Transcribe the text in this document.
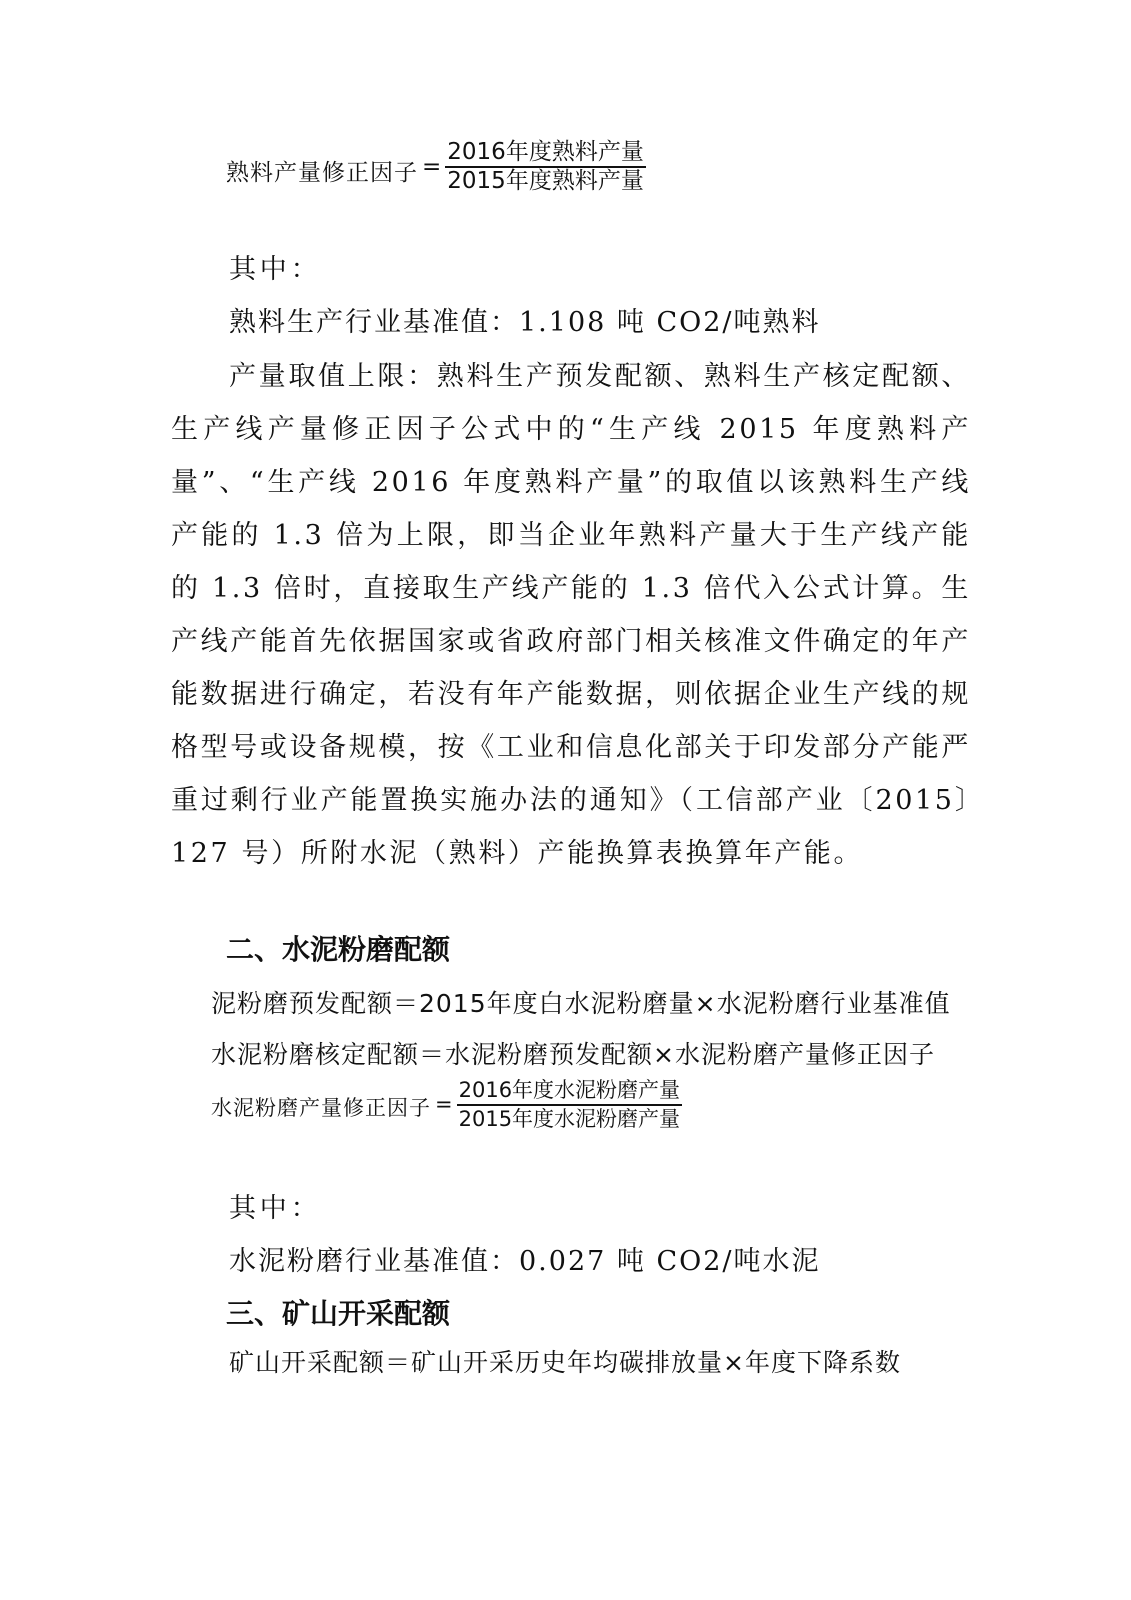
熟料产量修正因子 = $\frac{\text{2016年度熟料产量}}{\text{2015年度熟料产量}}$
其中：
熟料生产行业基准值：1.108 吨 CO2/吨熟料
产量取值上限：熟料生产预发配额、熟料生产核定配额、生产线产量修正因子公式中的“生产线 2015 年度熟料产量”、“生产线 2016 年度熟料产量”的取值以该熟料生产线产能的 1.3 倍为上限，即当企业年熟料产量大于生产线产能的 1.3 倍时，直接取生产线产能的 1.3 倍代入公式计算。生产线产能首先依据国家或省政府部门相关核准文件确定的年产能数据进行确定，若没有年产能数据，则依据企业生产线的规格型号或设备规模，按《工业和信息化部关于印发部分产能严重过剩行业产能置换实施办法的通知》（工信部产业〔2015〕127 号）所附水泥（熟料）产能换算表换算年产能。
二、水泥粉磨配额
泥粉磨预发配额＝2015年度白水泥粉磨量×水泥粉磨行业基准值
水泥粉磨核定配额＝水泥粉磨预发配额×水泥粉磨产量修正因子
水泥粉磨产量修正因子 = $\frac{\text{2016年度水泥粉磨产量}}{\text{2015年度水泥粉磨产量}}$
其中：
水泥粉磨行业基准值：0.027 吨 CO2/吨水泥
三、矿山开采配额
矿山开采配额＝矿山开采历史年均碳排放量×年度下降系数
